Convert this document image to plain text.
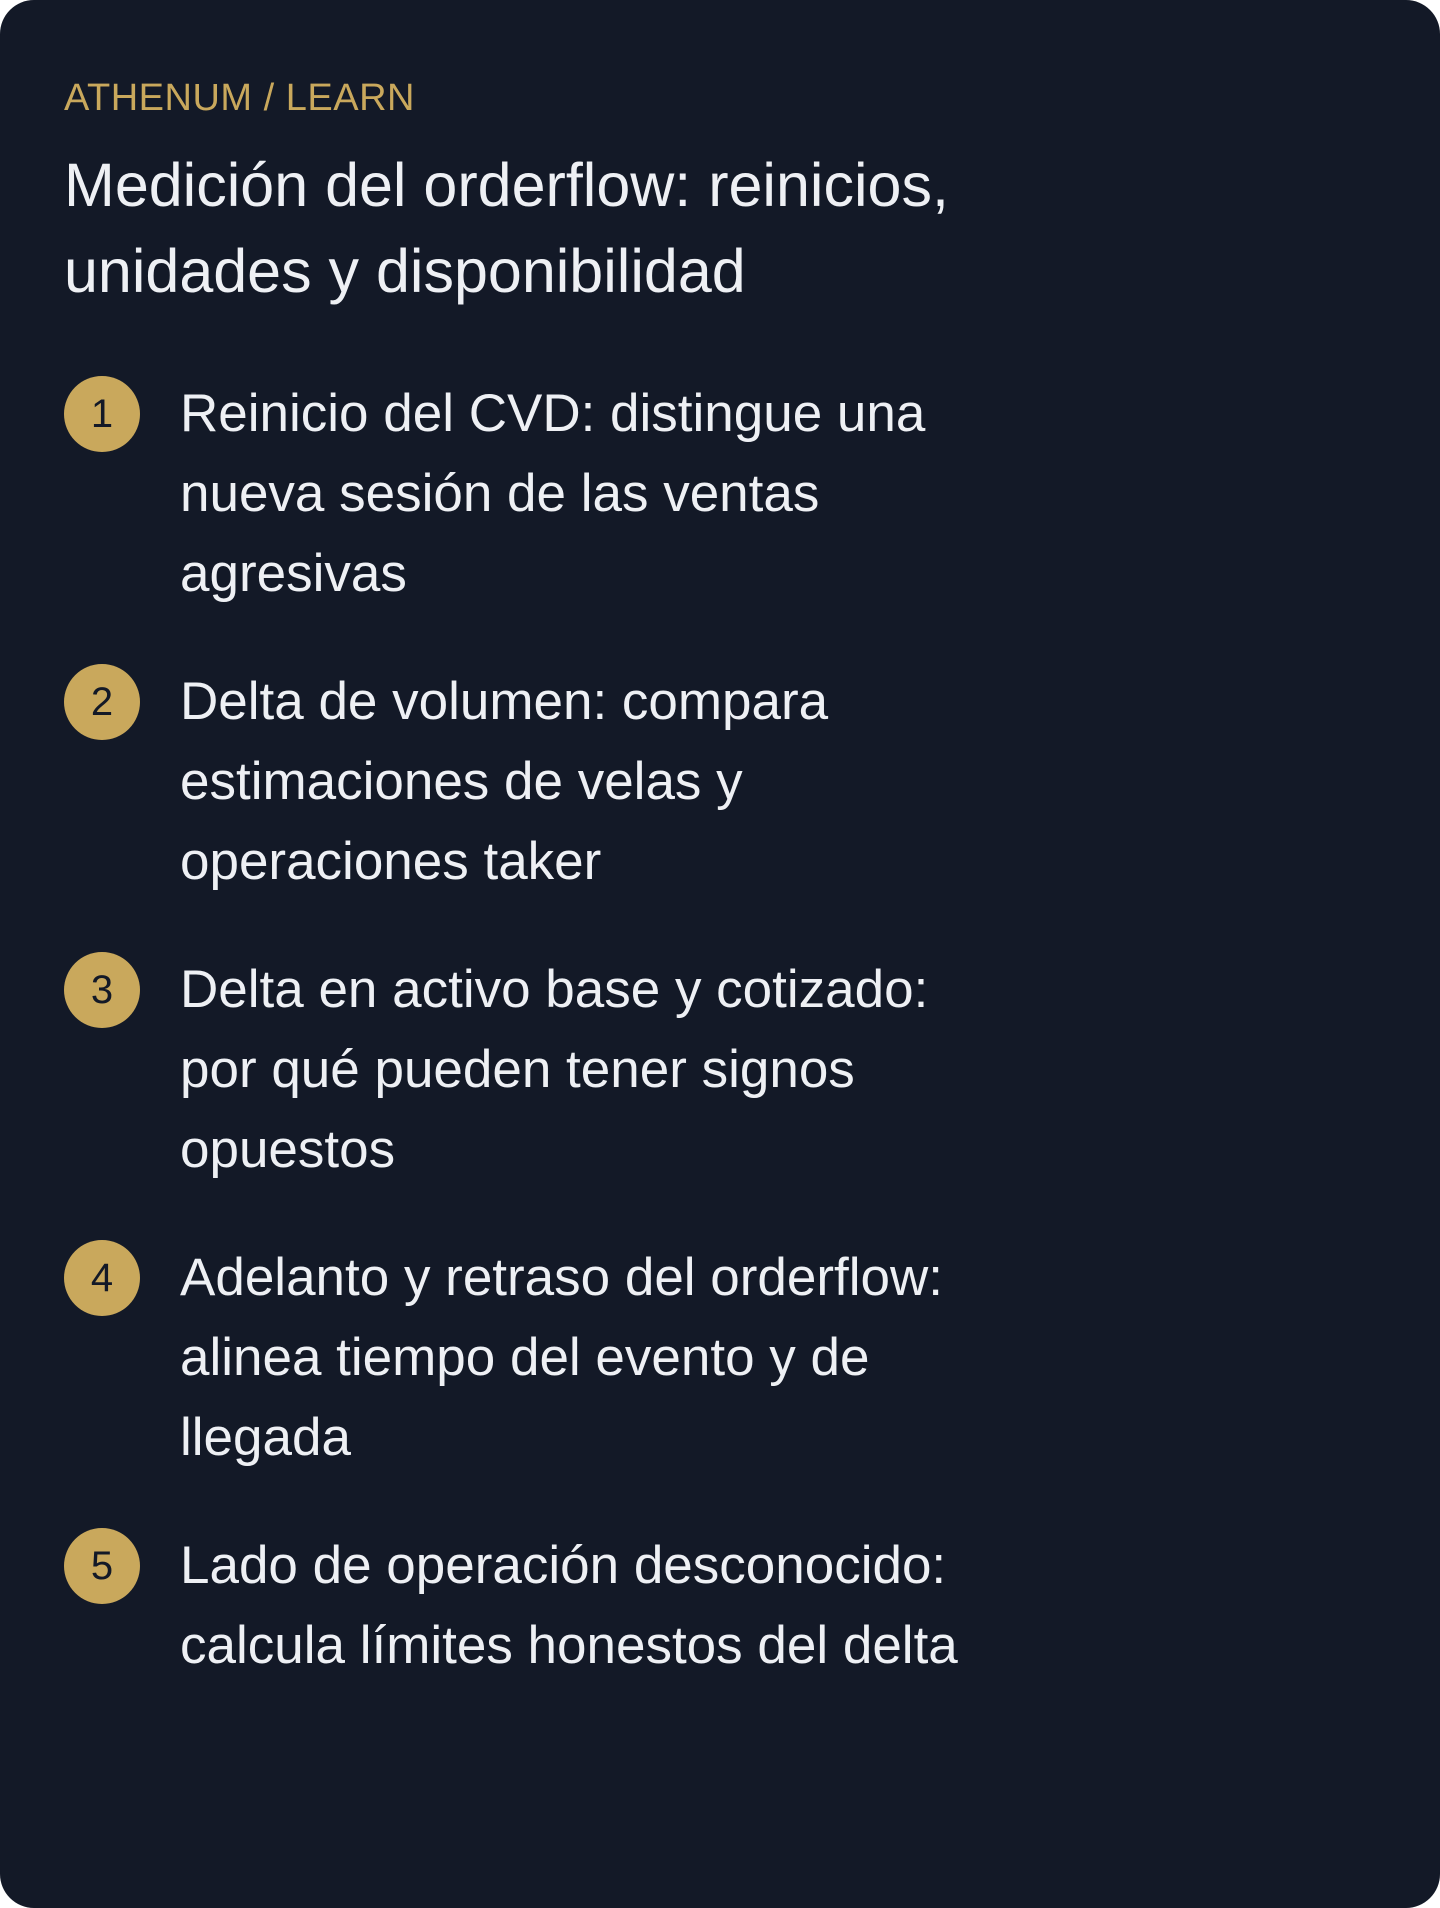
ATHENUM / LEARN

Medición del orderflow: reinicios, unidades y disponibilidad
1	Reinicio del CVD: distingue una nueva sesión de las ventas agresivas
2	Delta de volumen: compara estimaciones de velas y operaciones taker
3	Delta en activo base y cotizado: por qué pueden tener signos opuestos
4	Adelanto y retraso del orderflow: alinea tiempo del evento y de llegada
5	Lado de operación desconocido: calcula límites honestos del delta
